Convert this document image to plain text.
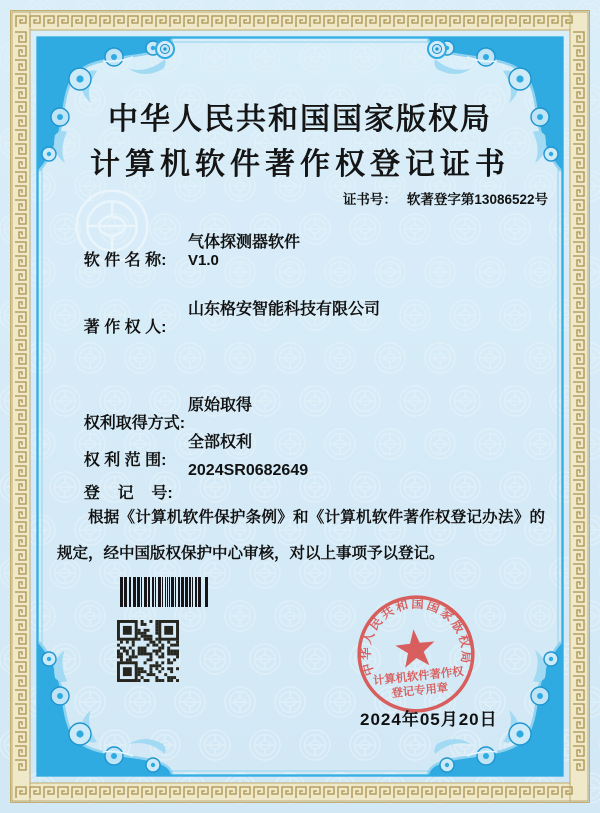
中华人民共和国国家版权局
计算机软件著作权登记证书
证书号： 软著登字第13086522号

软 件 名 称:

气体探测器软件

V1.0

著 作 权 人:

山东格安智能科技有限公司

权利取得方式:

原始取得

权 利 范 围:

全部权利

登    记    号:

2024SR0682649

根据《计算机软件保护条例》和《计算机软件著作权登记办法》的规定，经中国版权保护中心审核，对以上事项予以登记。
中华人民共和国国家版权局
计算机软件著作权
登记专用章
2024年05月20日
